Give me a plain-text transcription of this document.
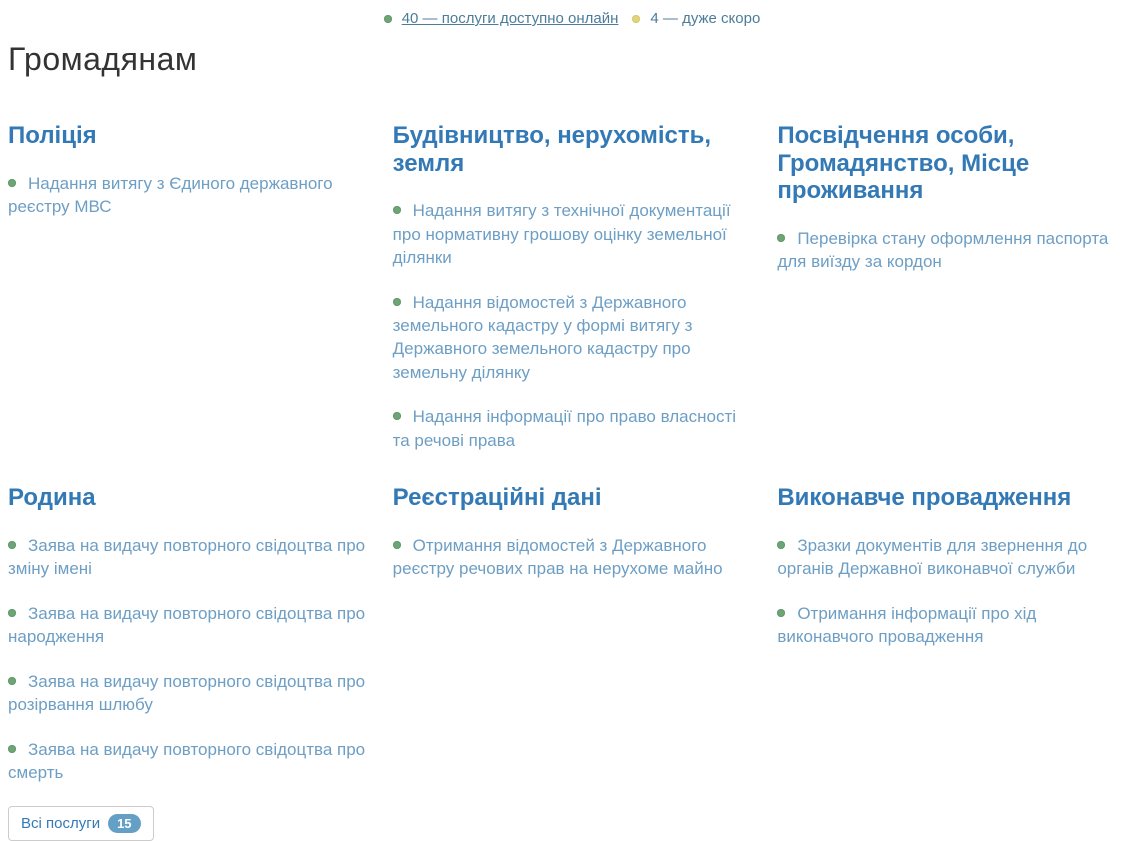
40 — послуги доступно онлайн 4 — дуже скоро
Громадянам
Поліція

Надання витягу з Єдиного державного реєстру МВС

Будівництво, нерухомість, земля

Надання витягу з технічної документації про нормативну грошову оцінку земельної ділянки

Надання відомостей з Державного земельного кадастру у формі витягу з Державного земельного кадастру про земельну ділянку

Надання інформації про право власності та речові права

Посвідчення особи, Громадянство, Місце проживання

Перевірка стану оформлення паспорта для виїзду за кордон

Родина

Заява на видачу повторного свідоцтва про зміну імені

Заява на видачу повторного свідоцтва про народження

Заява на видачу повторного свідоцтва про розірвання шлюбу

Заява на видачу повторного свідоцтва про смерть

Всі послуги	15
Реєстраційні дані

Отримання відомостей з Державного реєстру речових прав на нерухоме майно

Виконавче провадження

Зразки документів для звернення до органів Державної виконавчої служби

Отримання інформації про хід виконавчого провадження
